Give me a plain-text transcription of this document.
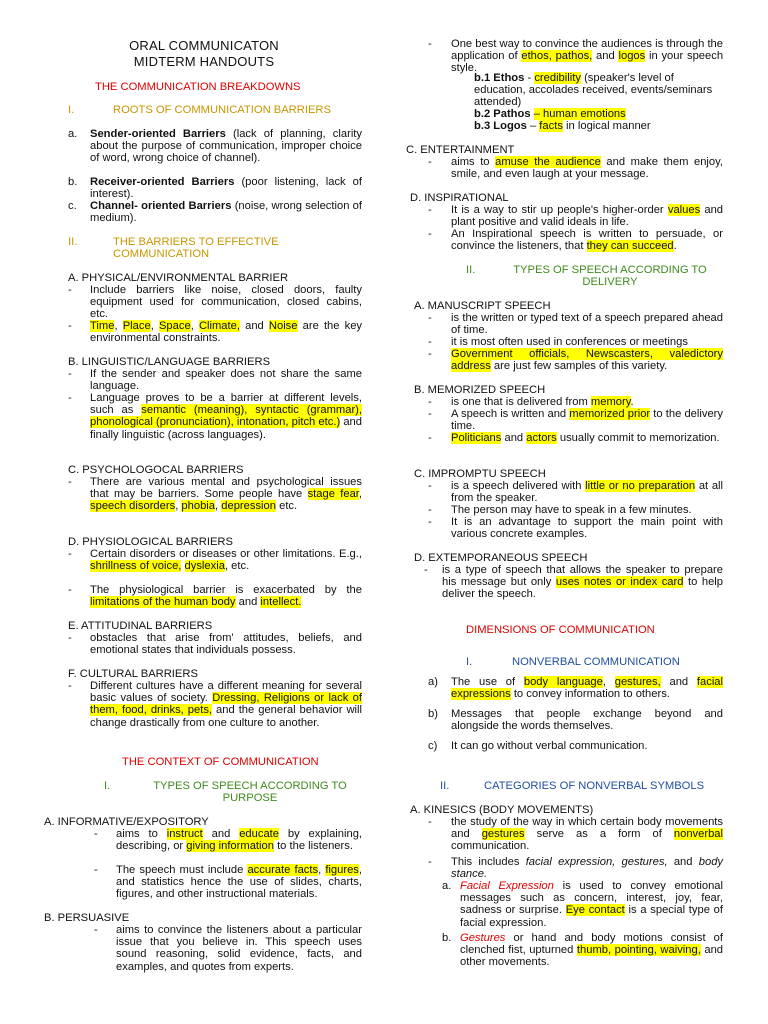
ORAL COMMUNICATON
MIDTERM HANDOUTS
THE COMMUNICATION BREAKDOWNS
I.	ROOTS OF COMMUNICATION BARRIERS
a. Sender-oriented Barriers (lack of planning, clarity about the purpose of communication, improper choice of word, wrong choice of channel).
b. Receiver-oriented Barriers (poor listening, lack of interest).
c. Channel- oriented Barriers (noise, wrong selection of medium).
II.	THE BARRIERS TO EFFECTIVE
COMMUNICATION
A. PHYSICAL/ENVIRONMENTAL BARRIER
- Include barriers like noise, closed doors, faulty equipment used for communication, closed cabins, etc.
- Time, Place, Space, Climate, and Noise are the key environmental constraints.
B. LINGUISTIC/LANGUAGE BARRIERS
- If the sender and speaker does not share the same language.
- Language proves to be a barrier at different levels, such as semantic (meaning), syntactic (grammar), phonological (pronunciation), intonation, pitch etc.) and finally linguistic (across languages).
C. PSYCHOLOGOCAL BARRIERS
- There are various mental and psychological issues that may be barriers. Some people have stage fear, speech disorders, phobia, depression etc.
D. PHYSIOLOGICAL BARRIERS
- Certain disorders or diseases or other limitations. E.g., shrillness of voice, dyslexia, etc.
- The physiological barrier is exacerbated by the limitations of the human body and intellect.
E. ATTITUDINAL BARRIERS
- obstacles that arise from' attitudes, beliefs, and emotional states that individuals possess.
F. CULTURAL BARRIERS
- Different cultures have a different meaning for several basic values of society. Dressing, Religions or lack of them, food, drinks, pets, and the general behavior will change drastically from one culture to another.
THE CONTEXT OF COMMUNICATION
I.	TYPES OF SPEECH ACCORDING TO
PURPOSE
A. INFORMATIVE/EXPOSITORY
- aims to instruct and educate by explaining, describing, or giving information to the listeners.
- The speech must include accurate facts, figures, and statistics hence the use of slides, charts, figures, and other instructional materials.
B. PERSUASIVE
- aims to convince the listeners about a particular issue that you believe in. This speech uses sound reasoning, solid evidence, facts, and examples, and quotes from experts.
- One best way to convince the audiences is through the application of ethos, pathos, and logos in your speech style.
b.1 Ethos - credibility (speaker's level of education, accolades received, events/seminars attended)
b.2 Pathos – human emotions
b.3 Logos – facts in logical manner
C. ENTERTAINMENT
- aims to amuse the audience and make them enjoy, smile, and even laugh at your message.
D. INSPIRATIONAL
- It is a way to stir up people's higher-order values and plant positive and valid ideals in life.
- An Inspirational speech is written to persuade, or convince the listeners, that they can succeed.
II.	TYPES OF SPEECH ACCORDING TO
DELIVERY
A. MANUSCRIPT SPEECH
- is the written or typed text of a speech prepared ahead of time.
- it is most often used in conferences or meetings
- Government officials, Newscasters, valedictory address are just few samples of this variety.
B. MEMORIZED SPEECH
- is one that is delivered from memory.
- A speech is written and memorized prior to the delivery time.
- Politicians and actors usually commit to memorization.
C. IMPROMPTU SPEECH
- is a speech delivered with little or no preparation at all from the speaker.
- The person may have to speak in a few minutes.
- It is an advantage to support the main point with various concrete examples.
D. EXTEMPORANEOUS SPEECH
- is a type of speech that allows the speaker to prepare his message but only uses notes or index card to help deliver the speech.
DIMENSIONS OF COMMUNICATION
I.	NONVERBAL COMMUNICATION
a) The use of body language, gestures, and facial expressions to convey information to others.
b) Messages that people exchange beyond and alongside the words themselves.
c) It can go without verbal communication.
II.	CATEGORIES OF NONVERBAL SYMBOLS
A. KINESICS (BODY MOVEMENTS)
- the study of the way in which certain body movements and gestures serve as a form of nonverbal communication.
- This includes facial expression, gestures, and body stance.
a. Facial Expression is used to convey emotional messages such as concern, interest, joy, fear, sadness or surprise. Eye contact is a special type of facial expression.
b. Gestures or hand and body motions consist of clenched fist, upturned thumb, pointing, waiving, and other movements.
